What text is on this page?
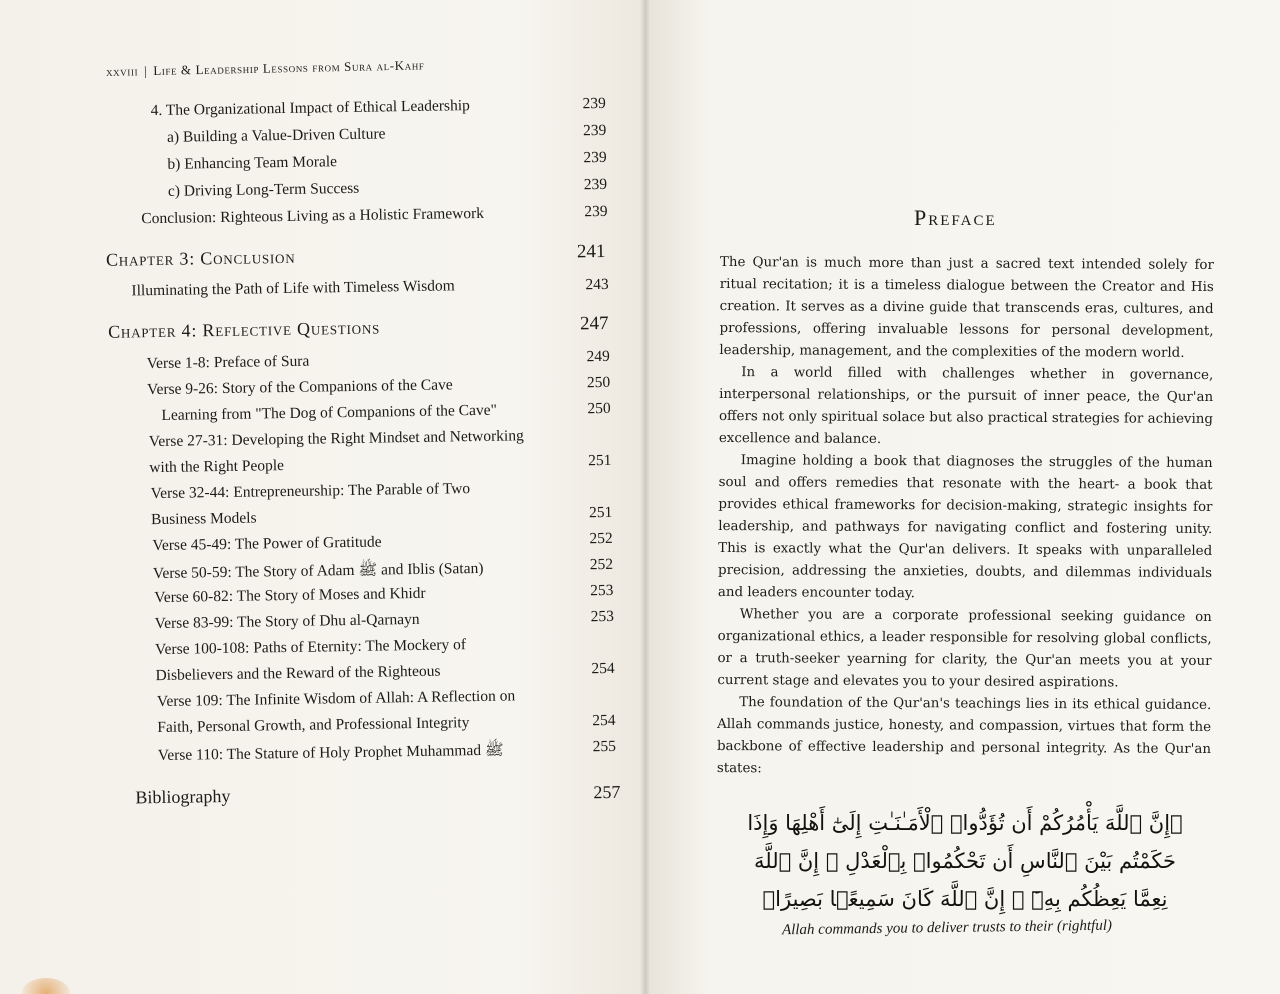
xxviii | Life & Leadership Lessons from Sura al-Kahf
4. The Organizational Impact of Ethical Leadership	239
a) Building a Value-Driven Culture	239
b) Enhancing Team Morale	239
c) Driving Long-Term Success	239
Conclusion: Righteous Living as a Holistic Framework	239
Chapter 3: Conclusion	241
Illuminating the Path of Life with Timeless Wisdom	243
Chapter 4: Reflective Questions	247
Verse 1-8: Preface of Sura	249
Verse 9-26: Story of the Companions of the Cave	250
Learning from "The Dog of Companions of the Cave"	250
Verse 27-31: Developing the Right Mindset and Networking
with the Right People	251
Verse 32-44: Entrepreneurship: The Parable of Two
Business Models	251
Verse 45-49: The Power of Gratitude	252
Verse 50-59: The Story of Adam ﷺ and Iblis (Satan)	252
Verse 60-82: The Story of Moses and Khidr	253
Verse 83-99: The Story of Dhu al-Qarnayn	253
Verse 100-108: Paths of Eternity: The Mockery of
Disbelievers and the Reward of the Righteous	254
Verse 109: The Infinite Wisdom of Allah: A Reflection on
Faith, Personal Growth, and Professional Integrity	254
Verse 110: The Stature of Holy Prophet Muhammad ﷺ	255
Bibliography	257
Preface

The Qur'an is much more than just a sacred text intended solely for ritual recitation; it is a timeless dialogue between the Creator and His creation. It serves as a divine guide that transcends eras, cultures, and professions, offering invaluable lessons for personal development, leadership, management, and the complexities of the modern world.

In a world filled with challenges whether in governance, interpersonal relationships, or the pursuit of inner peace, the Qur'an offers not only spiritual solace but also practical strategies for achieving excellence and balance.

Imagine holding a book that diagnoses the struggles of the human soul and offers remedies that resonate with the heart- a book that provides ethical frameworks for decision-making, strategic insights for leadership, and pathways for navigating conflict and fostering unity. This is exactly what the Qur'an delivers. It speaks with unparalleled precision, addressing the anxieties, doubts, and dilemmas individuals and leaders encounter today.

Whether you are a corporate professional seeking guidance on organizational ethics, a leader responsible for resolving global conflicts, or a truth-seeker yearning for clarity, the Qur'an meets you at your current stage and elevates you to your desired aspirations.

The foundation of the Qur'an's teachings lies in its ethical guidance. Allah commands justice, honesty, and compassion, virtues that form the backbone of effective leadership and personal integrity. As the Qur'an states:

﴿إِنَّ ٱللَّهَ يَأْمُرُكُمْ أَن تُؤَدُّوا۟ ٱلْأَمَـٰنَـٰتِ إِلَىٰٓ أَهْلِهَا وَإِذَا حَكَمْتُم بَيْنَ ٱلنَّاسِ أَن تَحْكُمُوا۟ بِٱلْعَدْلِ ۚ إِنَّ ٱللَّهَ نِعِمَّا يَعِظُكُم بِهِۦٓ ۗ إِنَّ ٱللَّهَ كَانَ سَمِيعًۢا بَصِيرًا﴾
Allah commands you to deliver trusts to their (rightful)
